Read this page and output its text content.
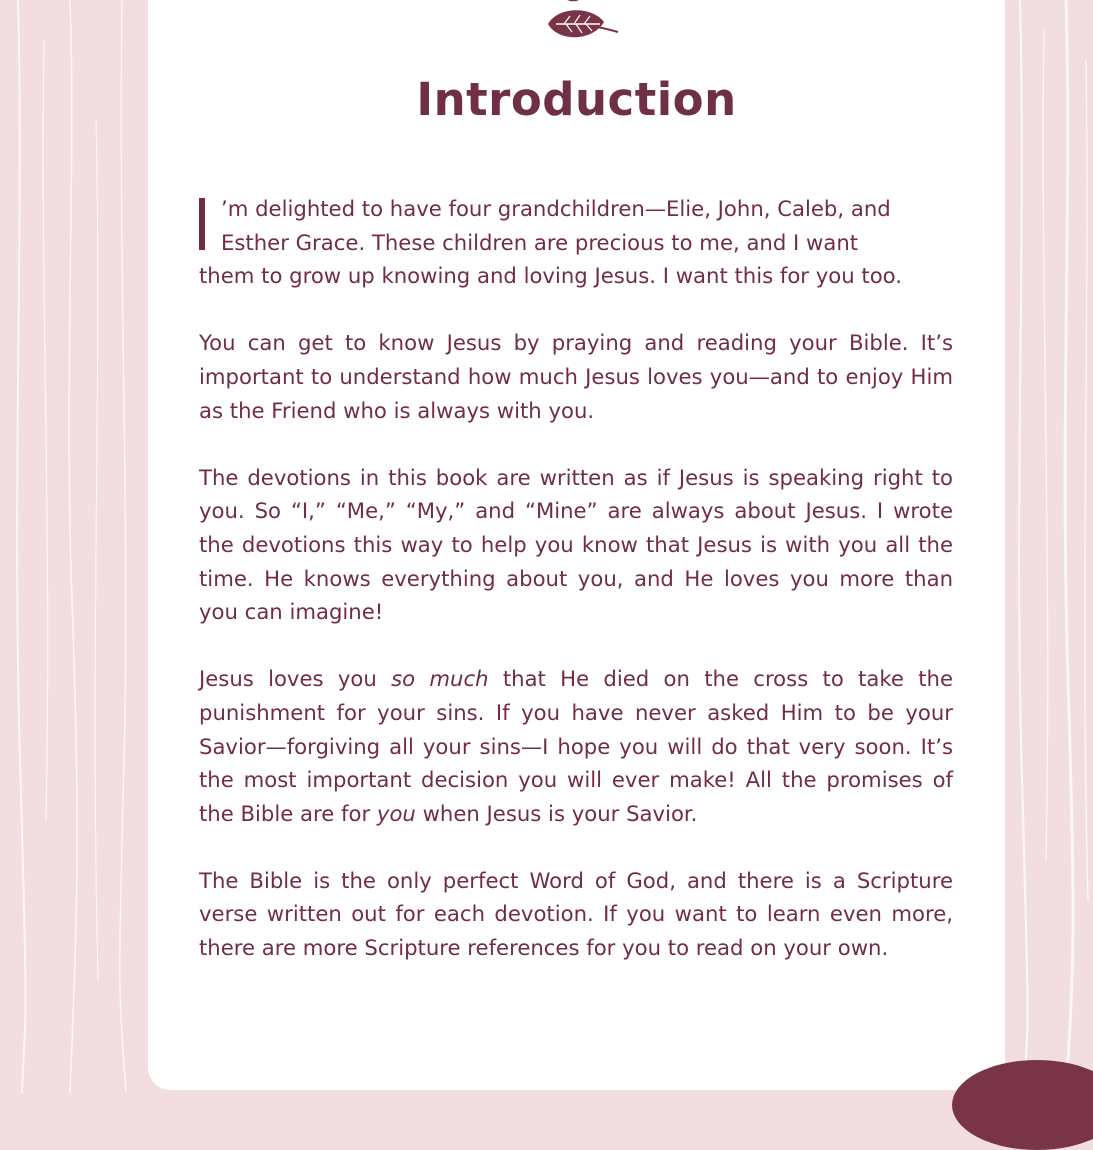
Introduction

’m delighted to have four grandchildren—Elie, John, Caleb, and
Esther Grace. These children are precious to me, and I want
them to grow up knowing and loving Jesus. I want this for you too.

You can get to know Jesus by praying and reading your Bible. It’s important to understand how much Jesus loves you—and to enjoy Him as the Friend who is always with you.

The devotions in this book are written as if Jesus is speaking right to you. So “I,” “Me,” “My,” and “Mine” are always about Jesus. I wrote the devotions this way to help you know that Jesus is with you all the time. He knows everything about you, and He loves you more than you can imagine!

Jesus loves you so much that He died on the cross to take the punishment for your sins. If you have never asked Him to be your Savior—forgiving all your sins—I hope you will do that very soon. It’s the most important decision you will ever make! All the promises of the Bible are for you when Jesus is your Savior.

The Bible is the only perfect Word of God, and there is a Scripture verse written out for each devotion. If you want to learn even more, there are more Scripture references for you to read on your own.
